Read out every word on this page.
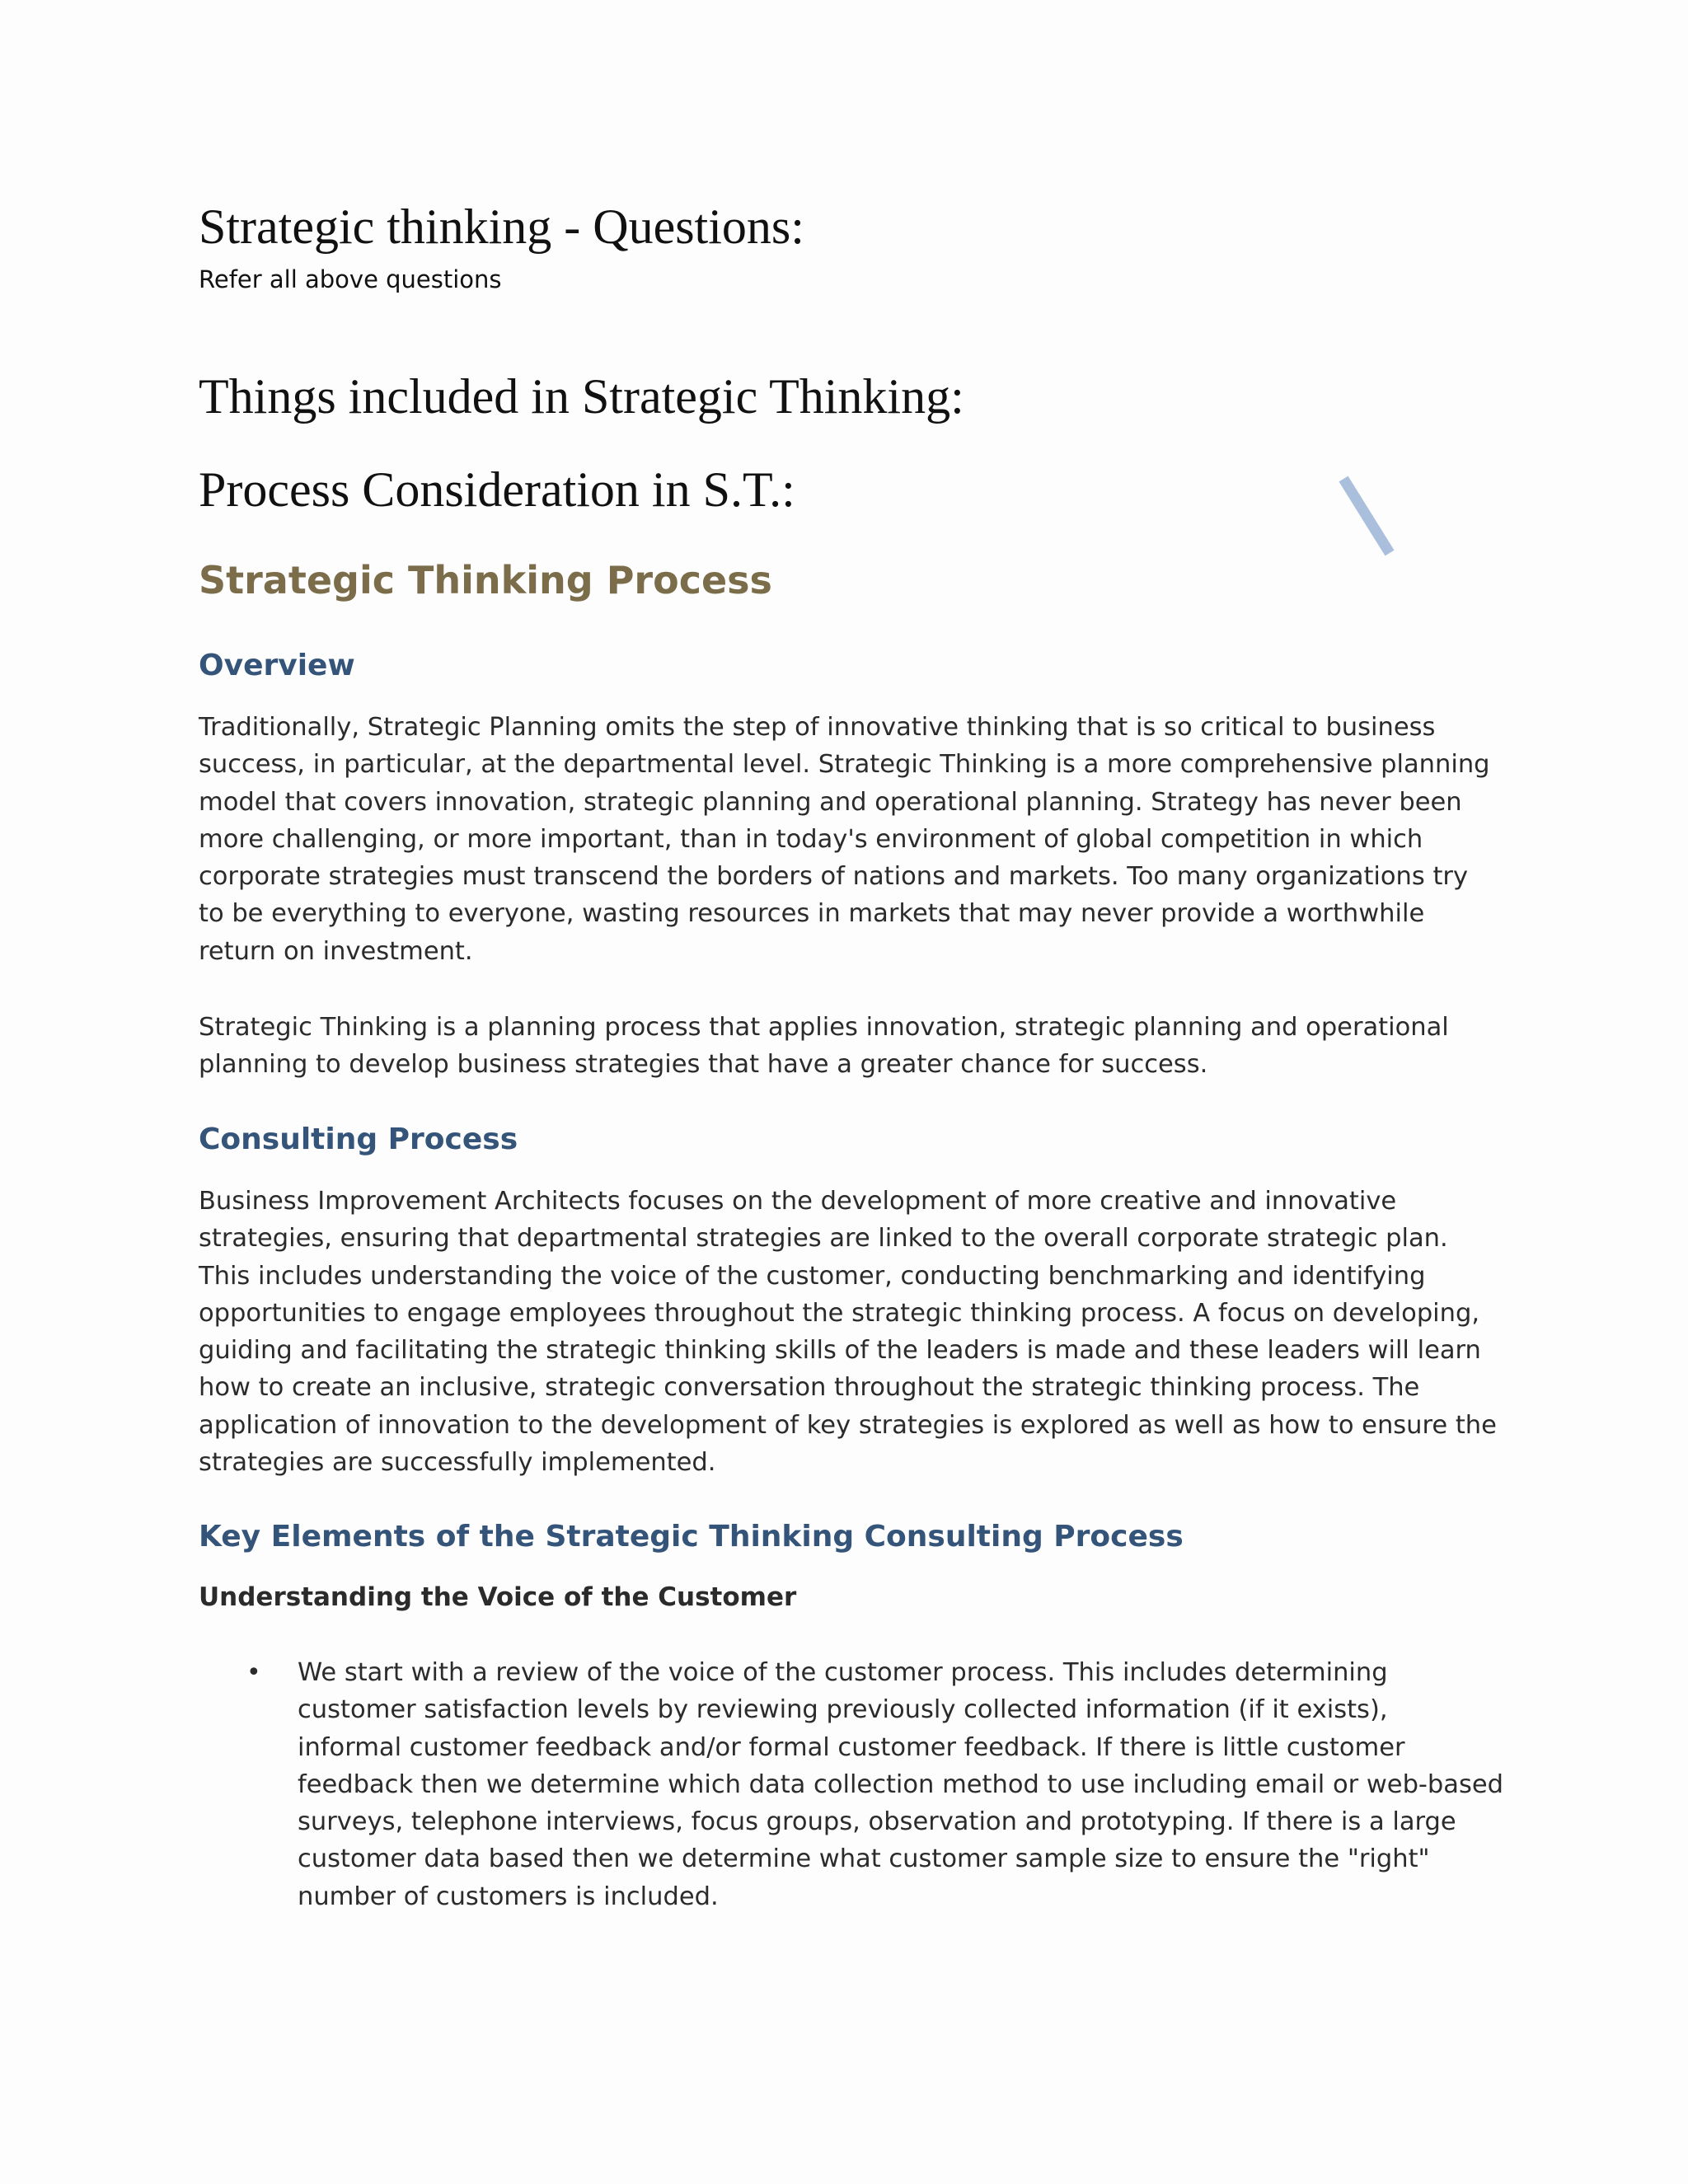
Strategic thinking - Questions:

Refer all above questions

Things included in Strategic Thinking:
Process Consideration in S.T.:
Strategic Thinking Process
Overview

Traditionally, Strategic Planning omits the step of innovative thinking that is so critical to business
success, in particular, at the departmental level. Strategic Thinking is a more comprehensive planning
model that covers innovation, strategic planning and operational planning. Strategy has never been
more challenging, or more important, than in today's environment of global competition in which
corporate strategies must transcend the borders of nations and markets. Too many organizations try
to be everything to everyone, wasting resources in markets that may never provide a worthwhile
return on investment.

Strategic Thinking is a planning process that applies innovation, strategic planning and operational
planning to develop business strategies that have a greater chance for success.

Consulting Process

Business Improvement Architects focuses on the development of more creative and innovative
strategies, ensuring that departmental strategies are linked to the overall corporate strategic plan.
This includes understanding the voice of the customer, conducting benchmarking and identifying
opportunities to engage employees throughout the strategic thinking process. A focus on developing,
guiding and facilitating the strategic thinking skills of the leaders is made and these leaders will learn
how to create an inclusive, strategic conversation throughout the strategic thinking process. The
application of innovation to the development of key strategies is explored as well as how to ensure the
strategies are successfully implemented.

Key Elements of the Strategic Thinking Consulting Process

Understanding the Voice of the Customer

• We start with a review of the voice of the customer process. This includes determining
customer satisfaction levels by reviewing previously collected information (if it exists),
informal customer feedback and/or formal customer feedback. If there is little customer
feedback then we determine which data collection method to use including email or web-based
surveys, telephone interviews, focus groups, observation and prototyping. If there is a large
customer data based then we determine what customer sample size to ensure the "right"
number of customers is included.
